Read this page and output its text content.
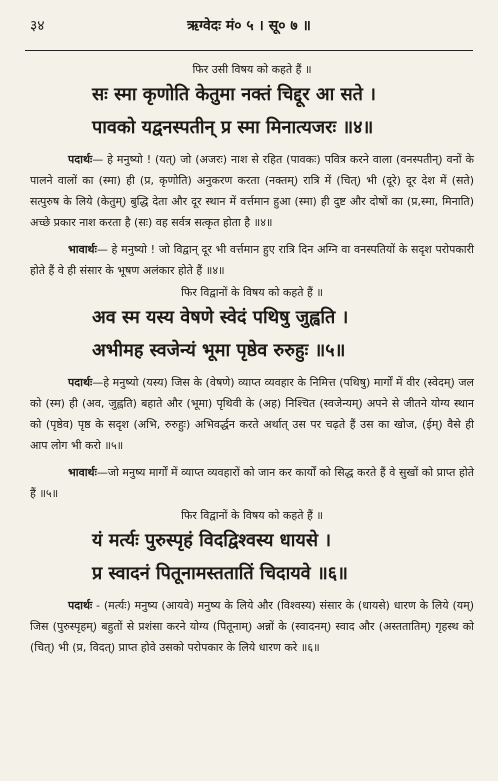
३४	ऋग्वेदः मं० ५ । सू० ७ ॥

फिर उसी विषय को कहते हैं ॥

सः स्मा कृणोति केतुमा नक्तं चिद्दूर आ सते ।
पावको यद्वनस्पतीन् प्र स्मा मिनात्यजरः ॥४॥

पदार्थः— हे मनुष्यो ! (यत्) जो (अजरः) नाश से रहित (पावकः) पवित्र करने वाला (वनस्पतीन्) वनों के पालने वालों का (स्मा) ही (प्र, कृणोति) अनुकरण करता (नक्तम्) रात्रि में (चित्) भी (दूरे) दूर देश में (सते) सत्पुरुष के लिये (केतुम्) बुद्धि देता और दूर स्थान में वर्त्तमान हुआ (स्मा) ही दुष्ट और दोषों का (प्र,स्मा, मिनाति) अच्छे प्रकार नाश करता है (सः) वह सर्वत्र सत्कृत होता है ॥४॥

भावार्थः— हे मनुष्यो ! जो विद्वान् दूर भी वर्त्तमान हुए रात्रि दिन अग्नि वा वनस्पतियों के सदृश परोपकारी होते हैं वे ही संसार के भूषण अलंकार होते हैं ॥४॥

फिर विद्वानों के विषय को कहते हैं ॥

अव स्म यस्य वेषणे स्वेदं पथिषु जुह्वति ।
अभीमह स्वजेन्यं भूमा पृष्ठेव रुरुहुः ॥५॥

पदार्थः—हे मनुष्यो (यस्य) जिस के (वेषणे) व्याप्त व्यवहार के निमित्त (पथिषु) मार्गों में वीर (स्वेदम्) जल को (स्म) ही (अव, जुह्वति) बहाते और (भूमा) पृथिवी के (अह) निश्चित (स्वजेन्यम्) अपने से जीतने योग्य स्थान को (पृष्ठेव) पृष्ठ के सदृश (अभि, रुरुहुः) अभिवर्द्धन करते अर्थात् उस पर चढ़ते हैं उस का खोज, (ईम्) वैसे ही आप लोग भी करो ॥५॥

भावार्थः—जो मनुष्य मार्गों में व्याप्त व्यवहारों को जान कर कार्यों को सिद्ध करते हैं वे सुखों को प्राप्त होते हैं ॥५॥

फिर विद्वानों के विषय को कहते हैं ॥

यं मर्त्यः पुरुस्पृहं विदद्विश्वस्य धायसे ।
प्र स्वादनं पितूनामस्ततातिं चिदायवे ॥६॥

पदार्थः - (मर्त्यः) मनुष्य (आयवे) मनुष्य के लिये और (विश्वस्य) संसार के (धायसे) धारण के लिये (यम्) जिस (पुरुस्पृहम्) बहुतों से प्रशंसा करने योग्य (पितूनाम्) अन्नों के (स्वादनम्) स्वाद और (अस्ततातिम्) गृहस्थ को (चित्) भी (प्र, विदत्) प्राप्त होवे उसको परोपकार के लिये धारण करे ॥६॥
